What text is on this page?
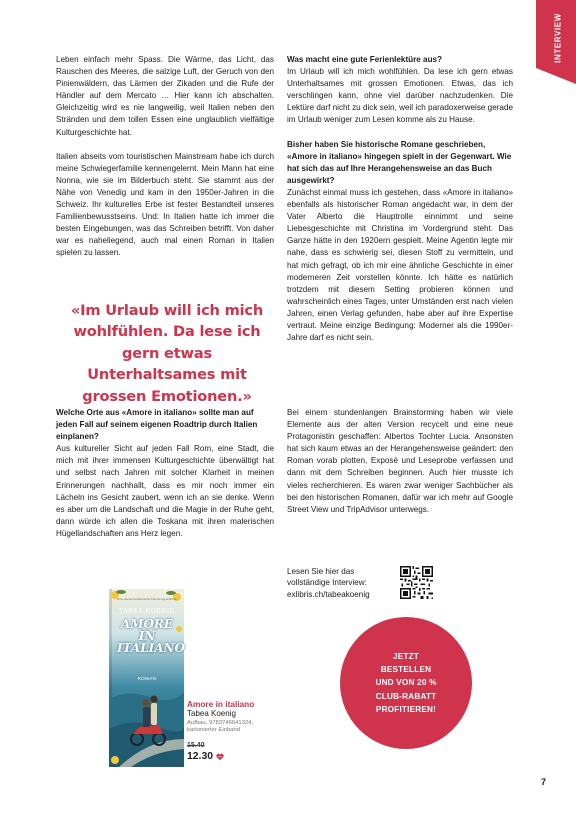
INTERVIEW

Leben einfach mehr Spass. Die Wärme, das Licht, das Rauschen des Meeres, die salzige Luft, der Geruch von den Pinienwäldern, das Lärmen der Zikaden und die Rufe der Händler auf dem Mercato … Hier kann ich abschalten. Gleichzeitig wird es nie langweilig, weil Italien neben den Stränden und dem tollen Essen eine unglaublich vielfältige Kulturgeschichte hat.

Italien abseits vom touristischen Mainstream habe ich durch meine Schwiegerfamilie kennengelernt. Mein Mann hat eine Nonna, wie sie im Bilderbuch steht. Sie stammt aus der Nähe von Venedig und kam in den 1950er-Jahren in die Schweiz. Ihr kulturelles Erbe ist fester Bestandteil unseres Familienbewusstseins. Und: In Italien hatte ich immer die besten Eingebungen, was das Schreiben betrifft. Von daher war es naheliegend, auch mal einen Roman in Italien spielen zu lassen.

«Im Urlaub will ich mich wohlfühlen. Da lese ich gern etwas Unterhaltsames mit grossen Emotionen.»

Welche Orte aus «Amore in italiano» sollte man auf jeden Fall auf seinem eigenen Roadtrip durch Italien einplanen?

Aus kultureller Sicht auf jeden Fall Rom, eine Stadt, die mich mit ihrer immensen Kulturgeschichte überwältigt hat und selbst nach Jahren mit solcher Klarheit in meinen Erinnerungen nachhallt, dass es mir noch immer ein Lächeln ins Gesicht zaubert, wenn ich an sie denke. Wenn es aber um die Landschaft und die Magie in der Ruhe geht, dann würde ich allen die Toskana mit ihren malerischen Hügellandschaften ans Herz legen.

Was macht eine gute Ferienlektüre aus?

Im Urlaub will ich mich wohlfühlen. Da lese ich gern etwas Unterhaltsames mit grossen Emotionen. Etwas, das ich verschlingen kann, ohne viel darüber nachzudenken. Die Lektüre darf nicht zu dick sein, weil ich paradoxerweise gerade im Urlaub weniger zum Lesen komme als zu Hause.

Bisher haben Sie historische Romane geschrieben, «Amore in italiano» hingegen spielt in der Gegenwart. Wie hat sich das auf Ihre Herangehensweise an das Buch ausgewirkt?

Zunächst einmal muss ich gestehen, dass «Amore in italiano» ebenfalls als historischer Roman angedacht war, in dem der Vater Alberto die Hauptrolle einnimmt und seine Liebesgeschichte mit Christina im Vordergrund steht. Das Ganze hätte in den 1920ern gespielt. Meine Agentin legte mir nahe, dass es schwierig sei, diesen Stoff zu vermitteln, und hat mich gefragt, ob ich mir eine ähnliche Geschichte in einer moderneren Zeit vorstellen könnte. Ich hätte es natürlich trotzdem mit diesem Setting probieren können und wahrscheinlich eines Tages, unter Umständen erst nach vielen Jahren, einen Verlag gefunden, habe aber auf ihre Expertise vertraut. Meine einzige Bedingung: Moderner als die 1990er-Jahre darf es nicht sein.

Bei einem stundenlangen Brainstorming haben wir viele Elemente aus der alten Version recycelt und eine neue Protagonistin geschaffen: Albertos Tochter Lucia. Ansonsten hat sich kaum etwas an der Herangehensweise geändert: den Roman vorab plotten, Exposé und Leseprobe verfassen und dann mit dem Schreiben beginnen. Auch hier musste ich vieles recherchieren. Es waren zwar weniger Sachbücher als bei den historischen Romanen, dafür war ich mehr auf Google Street View und TripAdvisor unterwegs.

Lesen Sie hier das
vollständige Interview:
exlibris.ch/tabeakoenig
JETZT
BESTELLEN
UND VON 20 %
CLUB-RABATT
PROFITIEREN!
Eine deutsch-italienische Familiengeschichte
TABEA KOENIG
AMORE IN
ITALIANO
ROMAN
Amore in italiano
Tabea Koenig
Aufbau, 9783746641324,
kartonierter Einband
15.40
12.30
7
